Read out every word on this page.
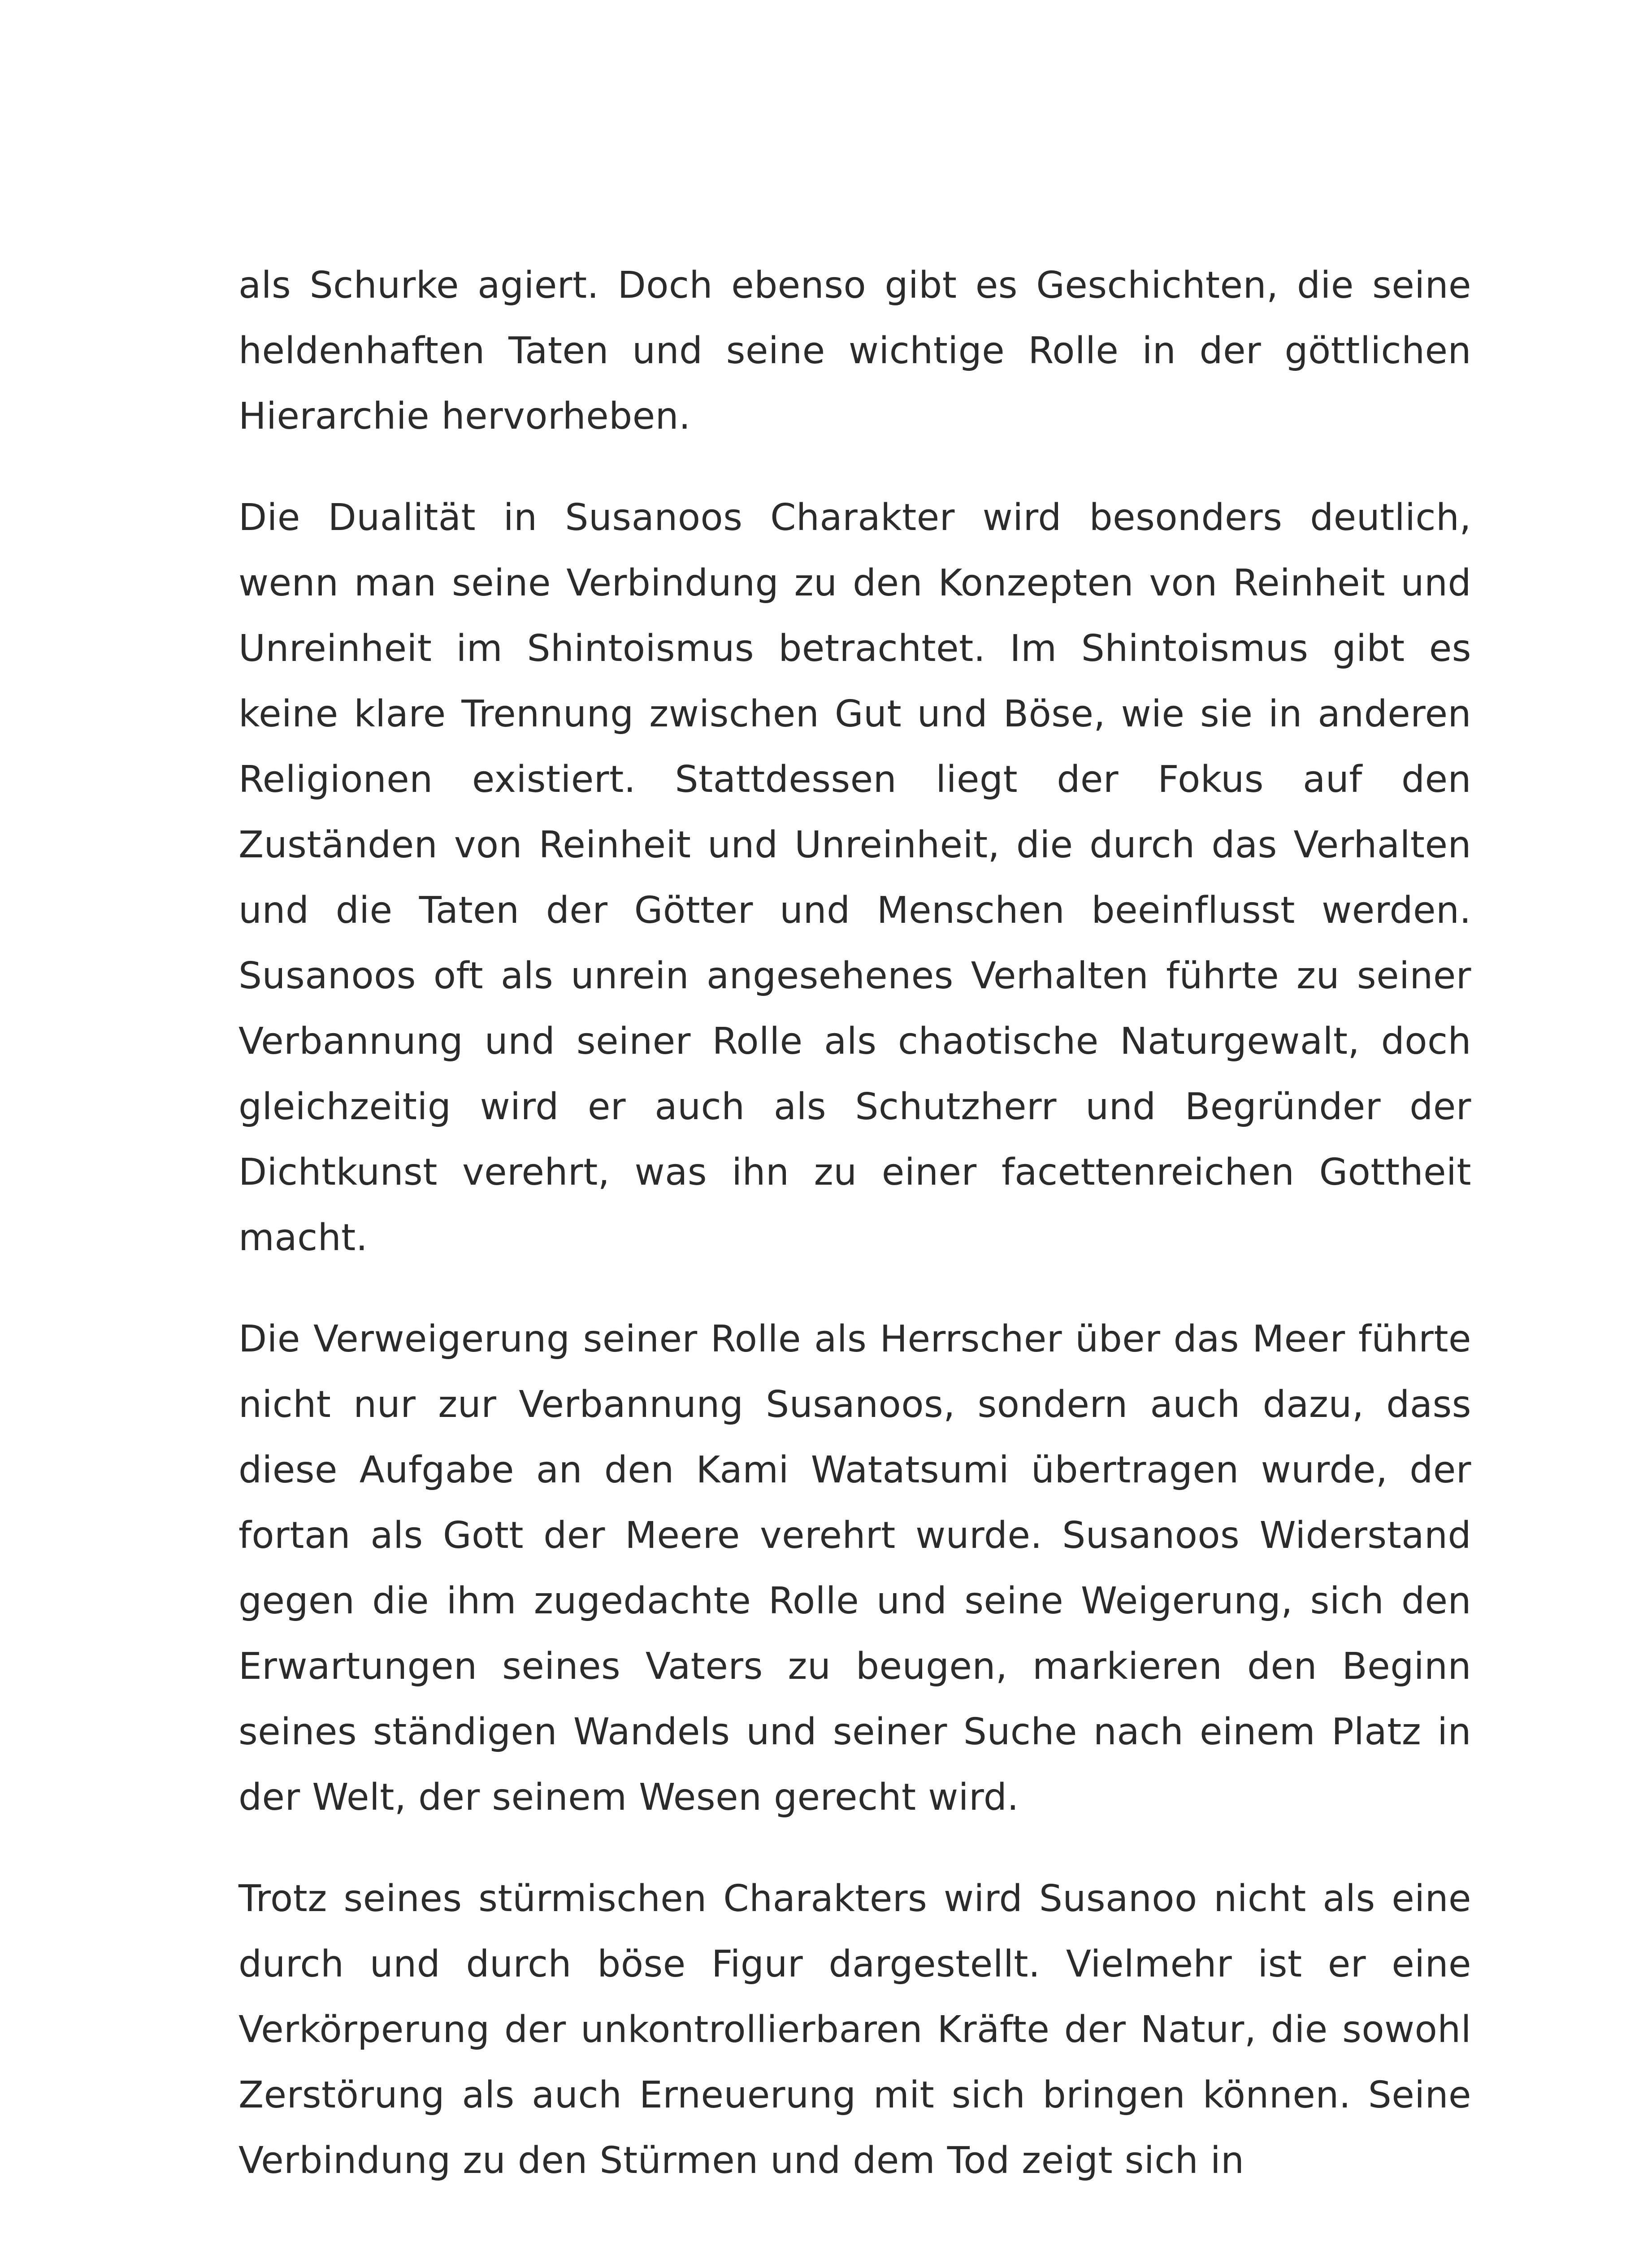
als Schurke agiert. Doch ebenso gibt es Geschichten, die seine heldenhaften Taten und seine wichtige Rolle in der göttlichen Hierarchie hervorheben.

Die Dualität in Susanoos Charakter wird besonders deutlich, wenn man seine Verbindung zu den Konzepten von Reinheit und Unreinheit im Shintoismus betrachtet. Im Shintoismus gibt es keine klare Trennung zwischen Gut und Böse, wie sie in anderen Religionen existiert. Stattdessen liegt der Fokus auf den Zuständen von Reinheit und Unreinheit, die durch das Verhalten und die Taten der Götter und Menschen beeinflusst werden. Susanoos oft als unrein angesehenes Verhalten führte zu seiner Verbannung und seiner Rolle als chaotische Naturgewalt, doch gleichzeitig wird er auch als Schutzherr und Begründer der Dichtkunst verehrt, was ihn zu einer facettenreichen Gottheit macht.

Die Verweigerung seiner Rolle als Herrscher über das Meer führte nicht nur zur Verbannung Susanoos, sondern auch dazu, dass diese Aufgabe an den Kami Watatsumi übertragen wurde, der fortan als Gott der Meere verehrt wurde. Susanoos Widerstand gegen die ihm zugedachte Rolle und seine Weigerung, sich den Erwartungen seines Vaters zu beugen, markieren den Beginn seines ständigen Wandels und seiner Suche nach einem Platz in der Welt, der seinem Wesen gerecht wird.

Trotz seines stürmischen Charakters wird Susanoo nicht als eine durch und durch böse Figur dargestellt. Vielmehr ist er eine Verkörperung der unkontrollierbaren Kräfte der Natur, die sowohl Zerstörung als auch Erneuerung mit sich bringen können. Seine Verbindung zu den Stürmen und dem Tod zeigt sich in
